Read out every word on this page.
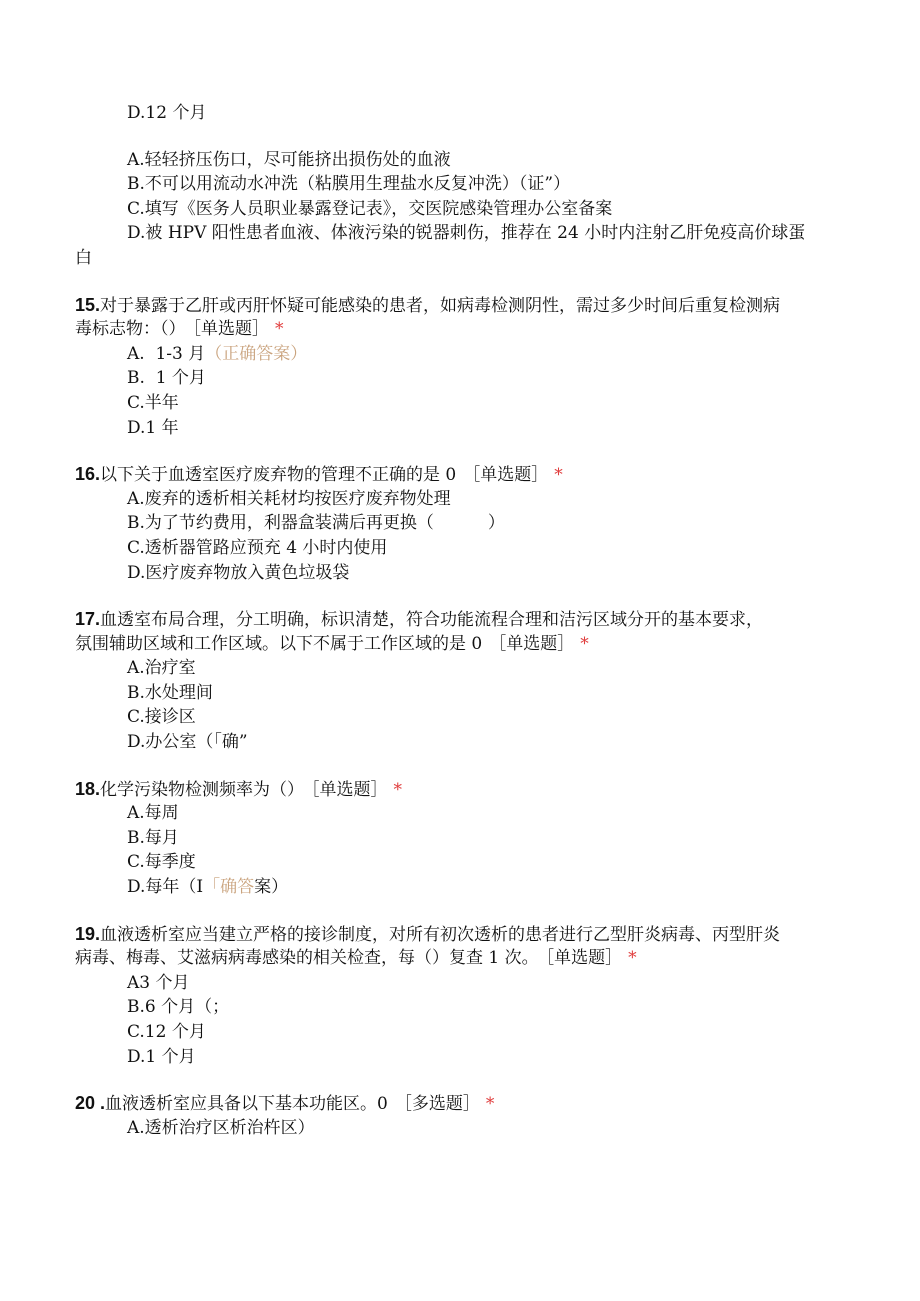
D.12 个月
A.轻轻挤压伤口，尽可能挤出损伤处的血液
B.不可以用流动水冲洗（粘膜用生理盐水反复冲洗）（证”）
C.填写《医务人员职业暴露登记表》，交医院感染管理办公室备案
D.被 HPV 阳性患者血液、体液污染的锐器刺伤，推荐在 24 小时内注射乙肝免疫高价球蛋
白
15.对于暴露于乙肝或丙肝怀疑可能感染的患者，如病毒检测阴性，需过多少时间后重复检测病
毒标志物：（） ［单选题］ *
A.  1-3 月（正确答案）
B.  1 个月
C.半年
D.1 年
16.以下关于血透室医疗废弃物的管理不正确的是 0 ［单选题］ *
A.废弃的透析相关耗材均按医疗废弃物处理
B.为了节约费用，利器盒装满后再更换（          ）
C.透析器管路应预充 4 小时内使用
D.医疗废弃物放入黄色垃圾袋
17.血透室布局合理，分工明确，标识清楚，符合功能流程合理和洁污区域分开的基本要求，
氛围辅助区域和工作区域。以下不属于工作区域的是 0 ［单选题］ *
A.治疗室
B.水处理间
C.接诊区
D.办公室（「确”
18.化学污染物检测频率为（） ［单选题］ *
A.每周
B.每月
C.每季度
D.每年（I「确答案）
19.血液透析室应当建立严格的接诊制度，对所有初次透析的患者进行乙型肝炎病毒、丙型肝炎
病毒、梅毒、艾滋病病毒感染的相关检查，每（）复查 1 次。 ［单选题］ *
A3 个月
B.6 个月（；
C.12 个月
D.1 个月
20 .血液透析室应具备以下基本功能区。0 ［多选题］ *
A.透析治疗区析治杵区）
